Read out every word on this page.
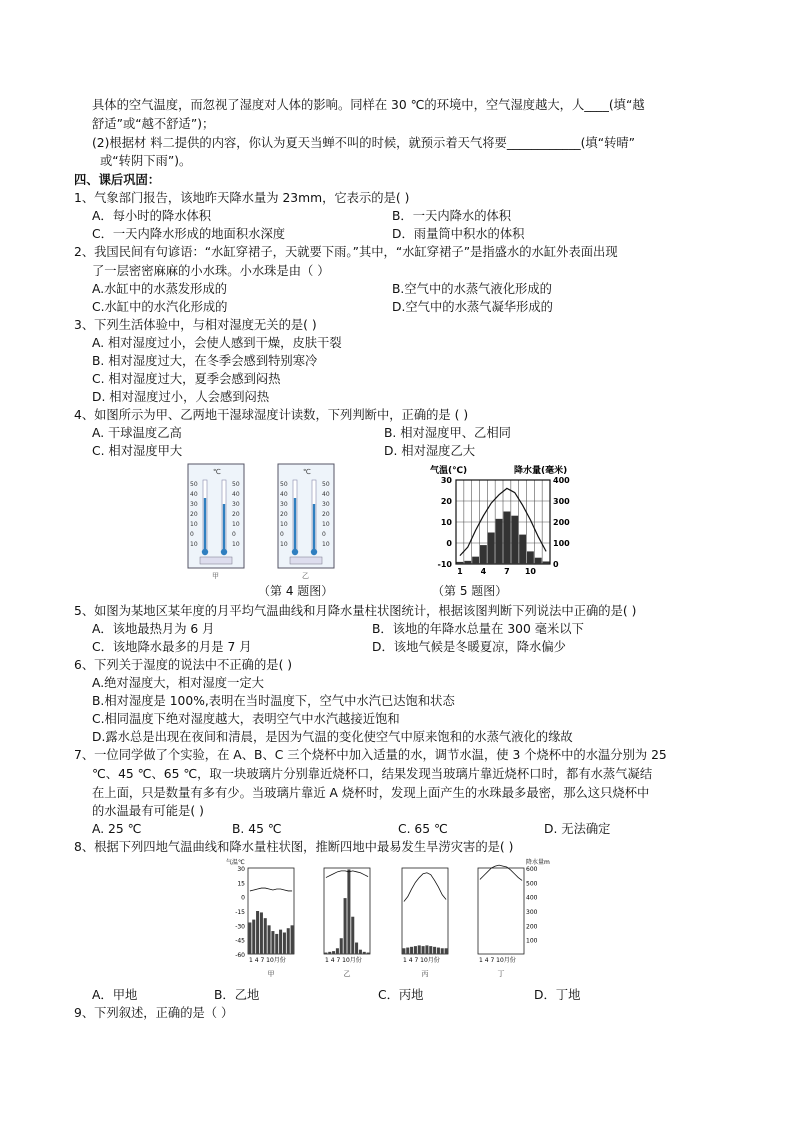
具体的空气温度，而忽视了湿度对人体的影响。同样在 30 ℃的环境中，空气湿度越大，人____(填“越
舒适”或“越不舒适”)；
(2)根据材 料二提供的内容，你认为夏天当蝉不叫的时候，就预示着天气将要____________(填“转晴”
或“转阴下雨”)。
四、课后巩固：
1、气象部门报告，该地昨天降水量为 23mm，它表示的是( )
A．每小时的降水体积	B．一天内降水的体积
C．一天内降水形成的地面积水深度	D．雨量筒中积水的体积
2、我国民间有句谚语：“水缸穿裙子，天就要下雨。”其中，“水缸穿裙子”是指盛水的水缸外表面出现
了一层密密麻麻的小水珠。小水珠是由（ ）
A.水缸中的水蒸发形成的	B.空气中的水蒸气液化形成的
C.水缸中的水汽化形成的	D.空气中的水蒸气凝华形成的
3、下列生活体验中，与相对湿度无关的是( )
A. 相对湿度过小，会使人感到干燥，皮肤干裂
B. 相对湿度过大，在冬季会感到特别寒冷
C. 相对湿度过大，夏季会感到闷热
D. 相对湿度过小，人会感到闷热
4、如图所示为甲、乙两地干湿球湿度计读数，下列判断中，正确的是 ( )
A. 干球温度乙高	B. 相对湿度甲、乙相同
C. 相对湿度甲大	D. 相对湿度乙大
℃
50	50
40	40
30	30
20	20
10	10
0	0
10	10
甲
℃
50	50
40	40
30	30
20	20
10	10
0	0
10	10
乙
（第 4 题图）
气温(℃)	降水量(毫米)
30
20
10
0
-10
400
300
200
100
0
1 4 7 10
（第 5 题图）
5、如图为某地区某年度的月平均气温曲线和月降水量柱状图统计，根据该图判断下列说法中正确的是( )
A．该地最热月为 6 月	B．该地的年降水总量在 300 毫米以下
C．该地降水最多的月是 7 月	D．该地气候是冬暖夏凉，降水偏少
6、下列关于湿度的说法中不正确的是( )
A.绝对湿度大，相对湿度一定大
B.相对湿度是 100%,表明在当时温度下，空气中水汽已达饱和状态
C.相同温度下绝对湿度越大，表明空气中水汽越接近饱和
D.露水总是出现在夜间和清晨，是因为气温的变化使空气中原来饱和的水蒸气液化的缘故
7、一位同学做了个实验，在 A、B、C 三个烧杯中加入适量的水，调节水温，使 3 个烧杯中的水温分别为 25
℃、45 ℃、65 ℃，取一块玻璃片分别靠近烧杯口，结果发现当玻璃片靠近烧杯口时，都有水蒸气凝结
在上面，只是数量有多有少。当玻璃片靠近 A 烧杯时，发现上面产生的水珠最多最密，那么这只烧杯中
的水温最有可能是( )
A. 25 ℃	B. 45 ℃	C. 65 ℃	D. 无法确定
8、根据下列四地气温曲线和降水量柱状图，推断四地中最易发生旱涝灾害的是( )
气温℃	降水量m
1 4 7 10月份
甲
1 4 7 10月份
乙
1 4 7 10月份
丙
1 4 7 10月份
丁
30
15
0
-15
-30
-45
-60
600
500
400
300
200
100
A．甲地	B．乙地	C．丙地	D．丁地
9、下列叙述，正确的是（ ）
